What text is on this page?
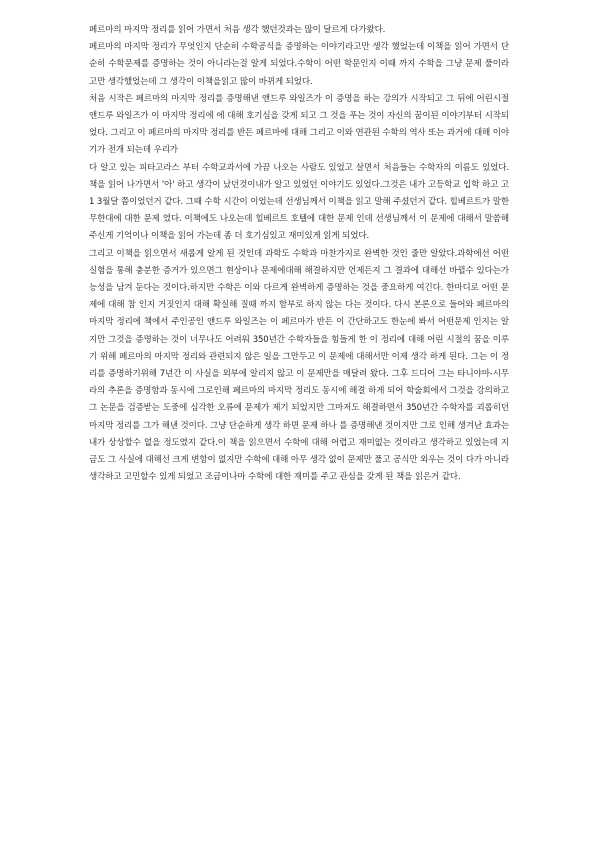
페르마의 마지막 정리를 읽어 가면서 처음 생각 했던것과는 많이 달르게 다가왔다.

페르마의 마지막 정리가 무엇인지 단순히 수학공식을 증명하는 이야기라고만 생각 했었는데 이책을 읽어 가면서 단순히 수학문제를 증명하는 것이 아니라는걸 알게 되었다.수학이 어떤 학문인지 이때 까지 수학을 그냥 문제 풀이라고만 생각했었는데 그 생각이 이책을읽고 많이 바뀌게 되었다.

처음 시작은 페르마의 마지막 정리를 증명해낸 앤드루 와일즈가 이 증명을 하는 강의가 시작되고 그 뒤에 어린시절 앤드루 와일즈가 이 마지막 정리에 에 대해 호기심을 갖게 되고 그 것을 푸는 것이 자신의 꿈이된 이야기부터 시작되었다. 그리고 이 페르마의 마지막 정리를 반든 페르마에 대해 그리고 이와 연관된 수학의 역사 또는 과거에 대해 이야기가 전개 되는데 우리가

다 알고 있는 피타고라스 부터 수학교과서에 가끔 나오는 사람도 있었고 살면서 처음들는 수학자의 이름도 있었다.책을 읽어 나가면서 '아' 하고 생각이 났던것이내가 알고 있었던 이야기도 있었다.그것은 내가 고등학교 입학 하고 고1 3월달 쯤이었던거 같다. 그때 수학 시간이 이었는데 선생님께서 이책을 읽고 말해 주셨던거 같다. 힐베르트가 말한 무한대에 대한 문제 였다. 이책에도 나오는데 힐베르트 호텔에 대한 문제 인데 선생님께서 이 문제에 대해서 말씀해주신게 기억이나 이책을 읽어 가는데 좀 더 호기심있고 재미있게 읽게 되었다.

그리고 이책을 읽으면서 새롭게 알게 된 것인데 과학도 수학과 마찬가지로 완벽한 것인 줄만 알았다.과학에선 어떤 실험을 통해 충분한 증거가 있으면그 현상이나 문제에대해 해결하지만 언제든지 그 결과에 대해선 바뀔수 있다는가능성을 남겨 둔다는 것이다.하지만 수학은 이와 다르게 완벽하게 증명하는 것을 중요하게 여긴다. 한마디로 어떤 문제에 대해 참 인지 거짓인지 대해 확실해 질때 까지 함부로 하지 않는 다는 것이다. 다시 본론으로 들어와 페르마의 마지막 정리에 책에서 주인공인 앤드루 와일즈는 이 페르마가 반든 이 간단하고도 한눈에 봐서 어떤문제 인지는 알지만 그것을 증명하는 것이 너무나도 어려워 350년간 수학자들을 힘들게 한 이 정리에 대해 어린 시절의 꿈을 이루기 위해 페르마의 마지막 정리와 관련되지 않은 일을 그만두고 이 문제에 대해서만 이제 생각 하게 된다. 그는 이 정리를 증명하기위해 7년간 이 사실을 외부에 알리지 않고 이 문제만을 매달려 왔다. 그후 드디어 그는 타니야마-시무라의 추론을 증명함과 동시에 그로인해 페르마의 마지막 정리도 동시에 해결 하게 되어 학술회에서 그것을 강의하고 그 논문을 검증받는 도중에 심각한 오류에 문제가 제기 되었지만 그마저도 해결하면서 350년간 수학자를 괴롭히던 마지막 정리를 그가 해낸 것이다. 그냥 단순하게 생각 하면 문제 하나 를 증명해낸 것이지만 그로 인해 생겨난 효과는 내가 상상할수 없을 정도였지 같다.이 책을 읽으면서 수학에 대해 어렵고 재미없는 것이라고 생각하고 있었는데 지금도 그 사실에 대해선 크게 변함이 없지만 수학에 대해 아무 생각 없이 문제만 풀고 공식만 외우는 것이 다가 아니라 생각하고 고민할수 있게 되었고 조금이나마 수학에 대한 재미를 주고 관심을 갖게 된 책을 읽은거 같다.
